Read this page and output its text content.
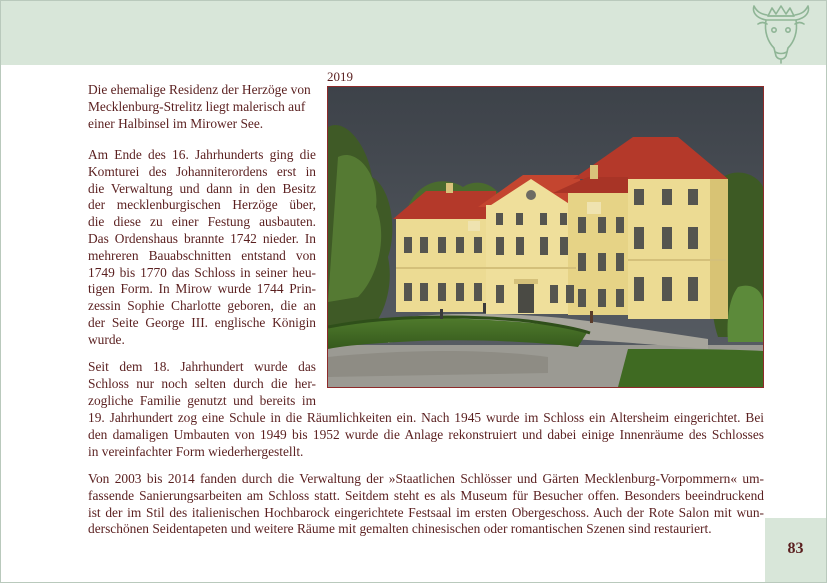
2019

Die ehemalige Residenz der Herzöge von
Mecklenburg-Strelitz liegt malerisch auf
einer Halbinsel im Mirower See.

Am Ende des 16. Jahrhunderts ging die
Komturei des Johanniterordens erst in
die Verwaltung und dann in den Besitz
der mecklenburgischen Herzöge über,
die diese zu einer Festung ausbauten.
Das Ordenshaus brannte 1742 nieder. In
mehreren Bauabschnitten entstand von
1749 bis 1770 das Schloss in seiner heu-
tigen Form. In Mirow wurde 1744 Prin-
zessin Sophie Charlotte geboren, die an
der Seite George III. englische Königin
wurde.

Seit dem 18. Jahrhundert wurde das
Schloss nur noch selten durch die her-
zogliche Familie genutzt und bereits im

19. Jahrhundert zog eine Schule in die Räumlichkeiten ein. Nach 1945 wurde im Schloss ein Altersheim eingerichtet. Bei
den damaligen Umbauten von 1949 bis 1952 wurde die Anlage rekonstruiert und dabei einige Innenräume des Schlosses
in vereinfachter Form wiederhergestellt.

Von 2003 bis 2014 fanden durch die Verwaltung der »Staatlichen Schlösser und Gärten Mecklenburg-Vorpommern« um-
fassende Sanierungsarbeiten am Schloss statt. Seitdem steht es als Museum für Besucher offen. Besonders beeindruckend
ist der im Stil des italienischen Hochbarock eingerichtete Festsaal im ersten Obergeschoss. Auch der Rote Salon mit wun-
derschönen Seidentapeten und weitere Räume mit gemalten chinesischen oder romantischen Szenen sind restauriert.

83
